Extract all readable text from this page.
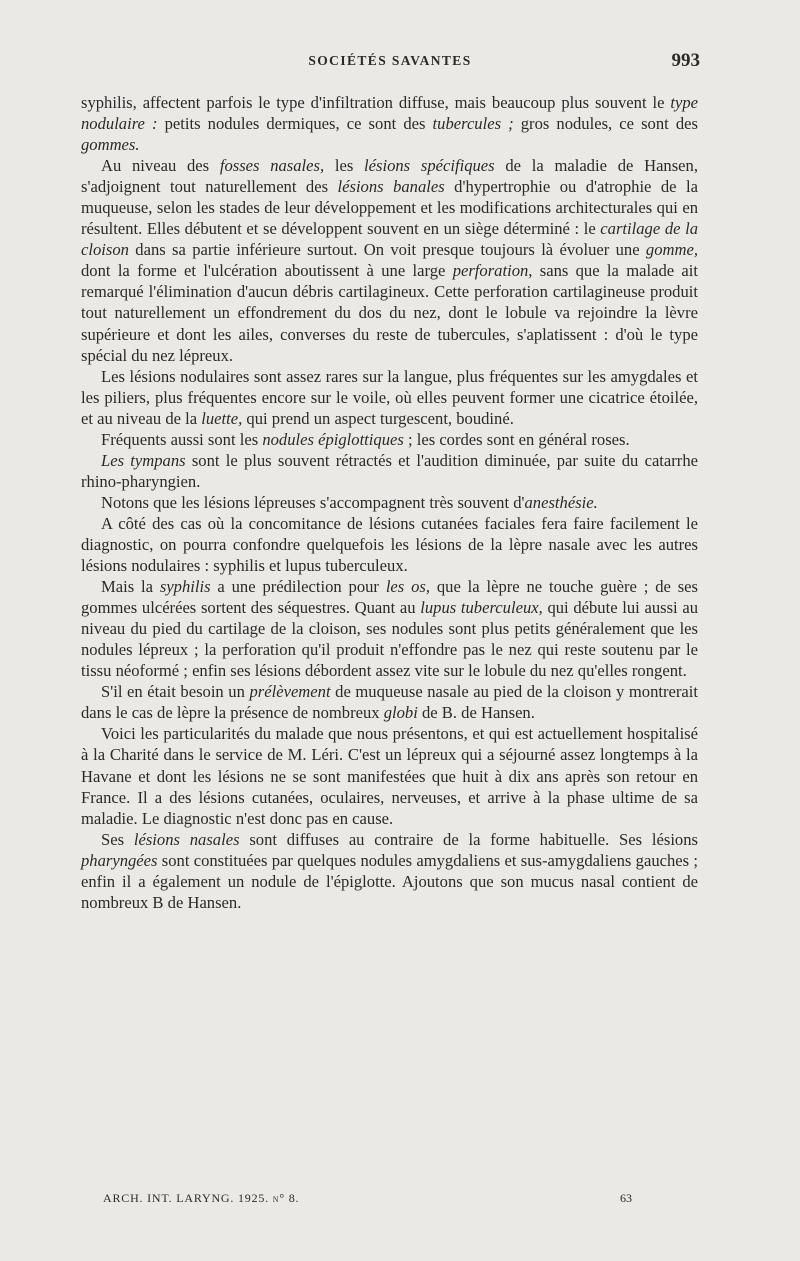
SOCIÉTÉS SAVANTES	993

syphilis, affectent parfois le type d'infiltration diffuse, mais beaucoup plus souvent le type nodulaire : petits nodules dermiques, ce sont des tubercules ; gros nodules, ce sont des gommes.

Au niveau des fosses nasales, les lésions spécifiques de la maladie de Hansen, s'adjoignent tout naturellement des lésions banales d'hypertrophie ou d'atrophie de la muqueuse, selon les stades de leur développement et les modifications architecturales qui en résultent. Elles débutent et se développent souvent en un siège déterminé : le cartilage de la cloison dans sa partie inférieure surtout. On voit presque toujours là évoluer une gomme, dont la forme et l'ulcération aboutissent à une large perforation, sans que la malade ait remarqué l'élimination d'aucun débris cartilagineux. Cette perforation cartilagineuse produit tout naturellement un effondrement du dos du nez, dont le lobule va rejoindre la lèvre supérieure et dont les ailes, converses du reste de tubercules, s'aplatissent : d'où le type spécial du nez lépreux.

Les lésions nodulaires sont assez rares sur la langue, plus fréquentes sur les amygdales et les piliers, plus fréquentes encore sur le voile, où elles peuvent former une cicatrice étoilée, et au niveau de la luette, qui prend un aspect turgescent, boudiné.

Fréquents aussi sont les nodules épiglottiques ; les cordes sont en général roses.

Les tympans sont le plus souvent rétractés et l'audition diminuée, par suite du catarrhe rhino-pharyngien.

Notons que les lésions lépreuses s'accompagnent très souvent d'anesthésie.

A côté des cas où la concomitance de lésions cutanées faciales fera faire facilement le diagnostic, on pourra confondre quelquefois les lésions de la lèpre nasale avec les autres lésions nodulaires : syphilis et lupus tuberculeux.

Mais la syphilis a une prédilection pour les os, que la lèpre ne touche guère ; de ses gommes ulcérées sortent des séquestres. Quant au lupus tuberculeux, qui débute lui aussi au niveau du pied du cartilage de la cloison, ses nodules sont plus petits généralement que les nodules lépreux ; la perforation qu'il produit n'effondre pas le nez qui reste soutenu par le tissu néoformé ; enfin ses lésions débordent assez vite sur le lobule du nez qu'elles rongent.

S'il en était besoin un prélèvement de muqueuse nasale au pied de la cloison y montrerait dans le cas de lèpre la présence de nombreux globi de B. de Hansen.

Voici les particularités du malade que nous présentons, et qui est actuellement hospitalisé à la Charité dans le service de M. Léri. C'est un lépreux qui a séjourné assez longtemps à la Havane et dont les lésions ne se sont manifestées que huit à dix ans après son retour en France. Il a des lésions cutanées, oculaires, nerveuses, et arrive à la phase ultime de sa maladie. Le diagnostic n'est donc pas en cause.

Ses lésions nasales sont diffuses au contraire de la forme habituelle. Ses lésions pharyngées sont constituées par quelques nodules amygdaliens et sus-amygdaliens gauches ; enfin il a également un nodule de l'épiglotte. Ajoutons que son mucus nasal contient de nombreux B de Hansen.

ARCH. INT. LARYNG. 1925. n° 8.	63
